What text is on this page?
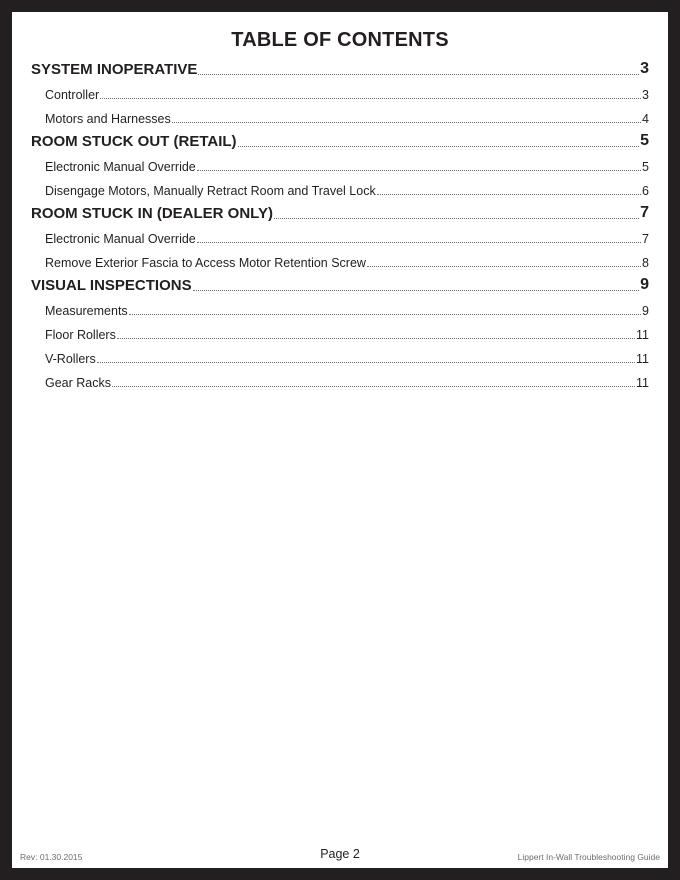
TABLE OF CONTENTS
SYSTEM INOPERATIVE	3
Controller	3
Motors and Harnesses	4
ROOM STUCK OUT (RETAIL)	5
Electronic Manual Override	5
Disengage Motors, Manually Retract Room and Travel Lock	6
ROOM STUCK IN (DEALER ONLY)	7
Electronic Manual Override	7
Remove Exterior Fascia to Access Motor Retention Screw	8
VISUAL INSPECTIONS	9
Measurements	9
Floor Rollers	11
V-Rollers	11
Gear Racks	11
Rev: 01.30.2015	Page 2	Lippert In-Wall Troubleshooting Guide
